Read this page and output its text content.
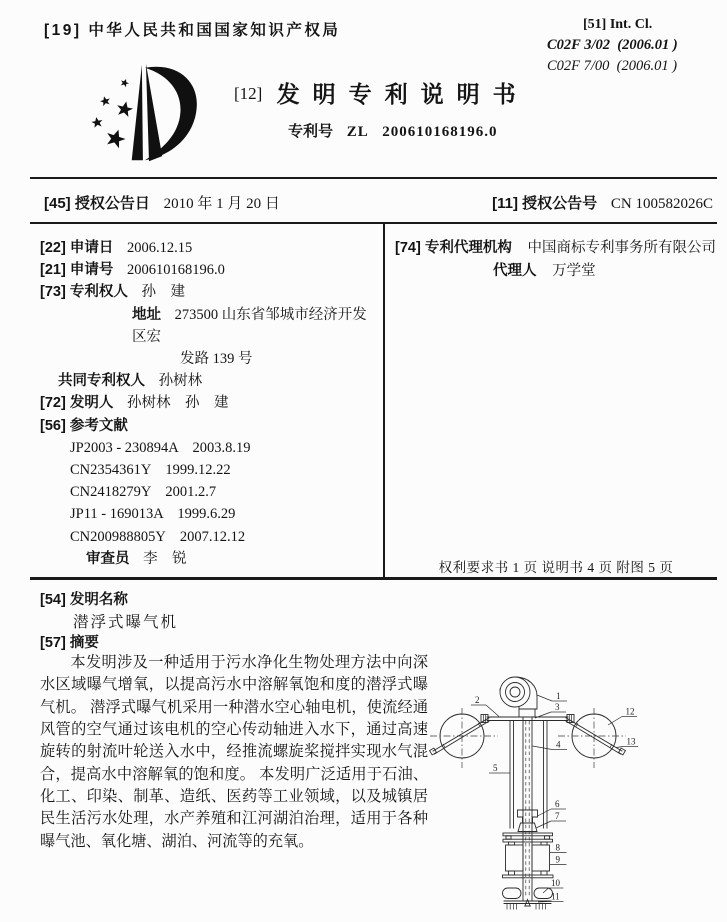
[19] 中华人民共和国国家知识产权局	[51] Int. Cl.
C02F 3/02  (2006.01 )
C02F 7/00  (2006.01 )
[12] 发明专利说明书
专利号 ZL   200610168196.0
[45] 授权公告日 2010 年 1 月 20 日	[11] 授权公告号 CN 100582026C
[22] 申请日 2006.12.15
[21] 申请号 200610168196.0
[73] 专利权人 孙　建
地址 273500 山东省邹城市经济开发区宏
发路 139 号
共同专利权人 孙树林
[72] 发明人 孙树林　孙　建
[56] 参考文献
JP2003 - 230894A    2003.8.19
CN2354361Y    1999.12.22
CN2418279Y    2001.2.7
JP11 - 169013A    1999.6.29
CN200988805Y    2007.12.12
审查员 李　锐
[74] 专利代理机构 中国商标专利事务所有限公司
代理人 万学堂
权利要求书 1 页 说明书 4 页 附图 5 页
[54] 发明名称
潜浮式曝气机
[57] 摘要
本发明涉及一种适用于污水净化生物处理方法中向深水区域曝气增氧，以提高污水中溶解氧饱和度的潜浮式曝气机。 潜浮式曝气机采用一种潜水空心轴电机，使流经通风管的空气通过该电机的空心传动轴进入水下，通过高速旋转的射流叶轮送入水中，经推流螺旋桨搅拌实现水气混合，提高水中溶解氧的饱和度。 本发明广泛适用于石油、化工、印染、制革、造纸、医药等工业领域，以及城镇居民生活污水处理，水产养殖和江河湖泊治理，适用于各种曝气池、氧化塘、湖泊、河流等的充氧。
1
2
3
4
5
6
7
8
9
10
11
12
13
